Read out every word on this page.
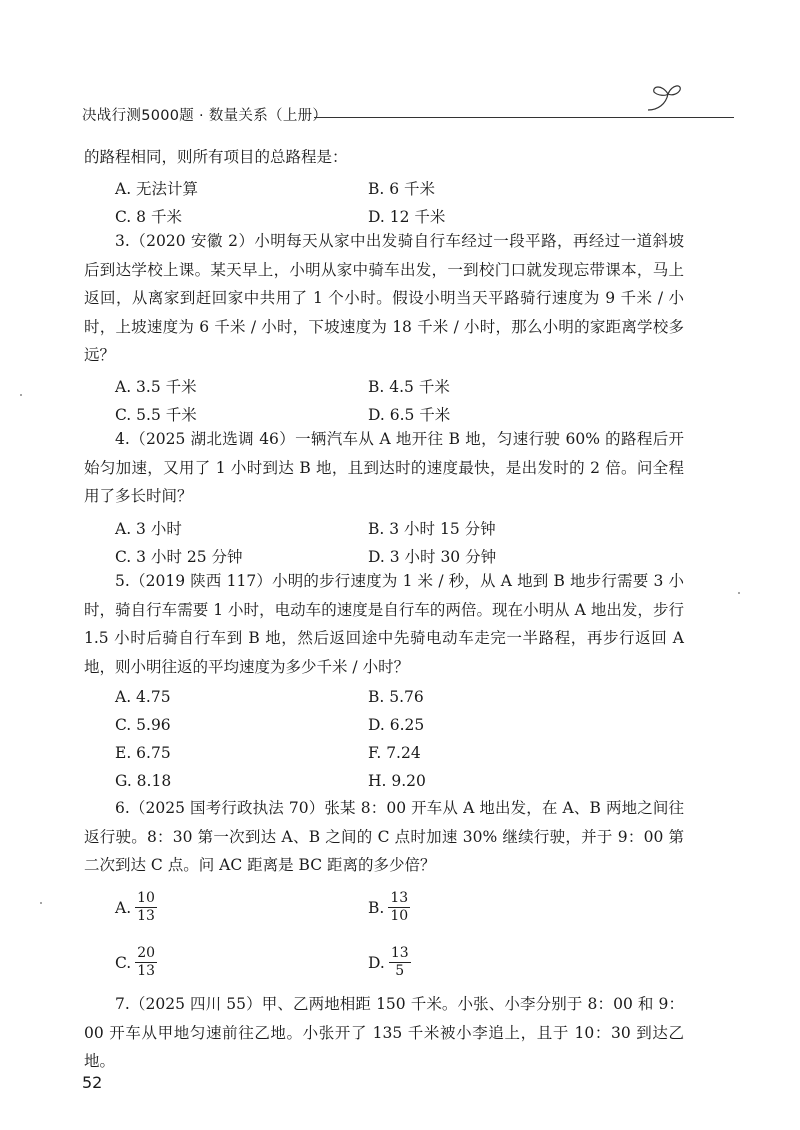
决战行测5000题 · 数量关系（上册）

的路程相同，则所有项目的总路程是：

A. 无法计算	B. 6 千米
C. 8 千米	D. 12 千米

3.（2020 安徽 2）小明每天从家中出发骑自行车经过一段平路，再经过一道斜坡后到达学校上课。某天早上，小明从家中骑车出发，一到校门口就发现忘带课本，马上返回，从离家到赶回家中共用了 1 个小时。假设小明当天平路骑行速度为 9 千米 / 小时，上坡速度为 6 千米 / 小时，下坡速度为 18 千米 / 小时，那么小明的家距离学校多远？

A. 3.5 千米	B. 4.5 千米
C. 5.5 千米	D. 6.5 千米

4.（2025 湖北选调 46）一辆汽车从 A 地开往 B 地，匀速行驶 60% 的路程后开始匀加速，又用了 1 小时到达 B 地，且到达时的速度最快，是出发时的 2 倍。问全程用了多长时间？

A. 3 小时	B. 3 小时 15 分钟
C. 3 小时 25 分钟	D. 3 小时 30 分钟

5.（2019 陕西 117）小明的步行速度为 1 米 / 秒，从 A 地到 B 地步行需要 3 小时，骑自行车需要 1 小时，电动车的速度是自行车的两倍。现在小明从 A 地出发，步行 1.5 小时后骑自行车到 B 地，然后返回途中先骑电动车走完一半路程，再步行返回 A 地，则小明往返的平均速度为多少千米 / 小时？

A. 4.75	B. 5.76
C. 5.96	D. 6.25
E. 6.75	F. 7.24
G. 8.18	H. 9.20

6.（2025 国考行政执法 70）张某 8：00 开车从 A 地出发，在 A、B 两地之间往返行驶。8：30 第一次到达 A、B 之间的 C 点时加速 30% 继续行驶，并于 9：00 第二次到达 C 点。问 AC 距离是 BC 距离的多少倍？

A. $\frac{10}{13}$	B. $\frac{13}{10}$
C. $\frac{20}{13}$	D. $\frac{13}{5}$

7.（2025 四川 55）甲、乙两地相距 150 千米。小张、小李分别于 8：00 和 9：00 开车从甲地匀速前往乙地。小张开了 135 千米被小李追上，且于 10：30 到达乙地。

52
